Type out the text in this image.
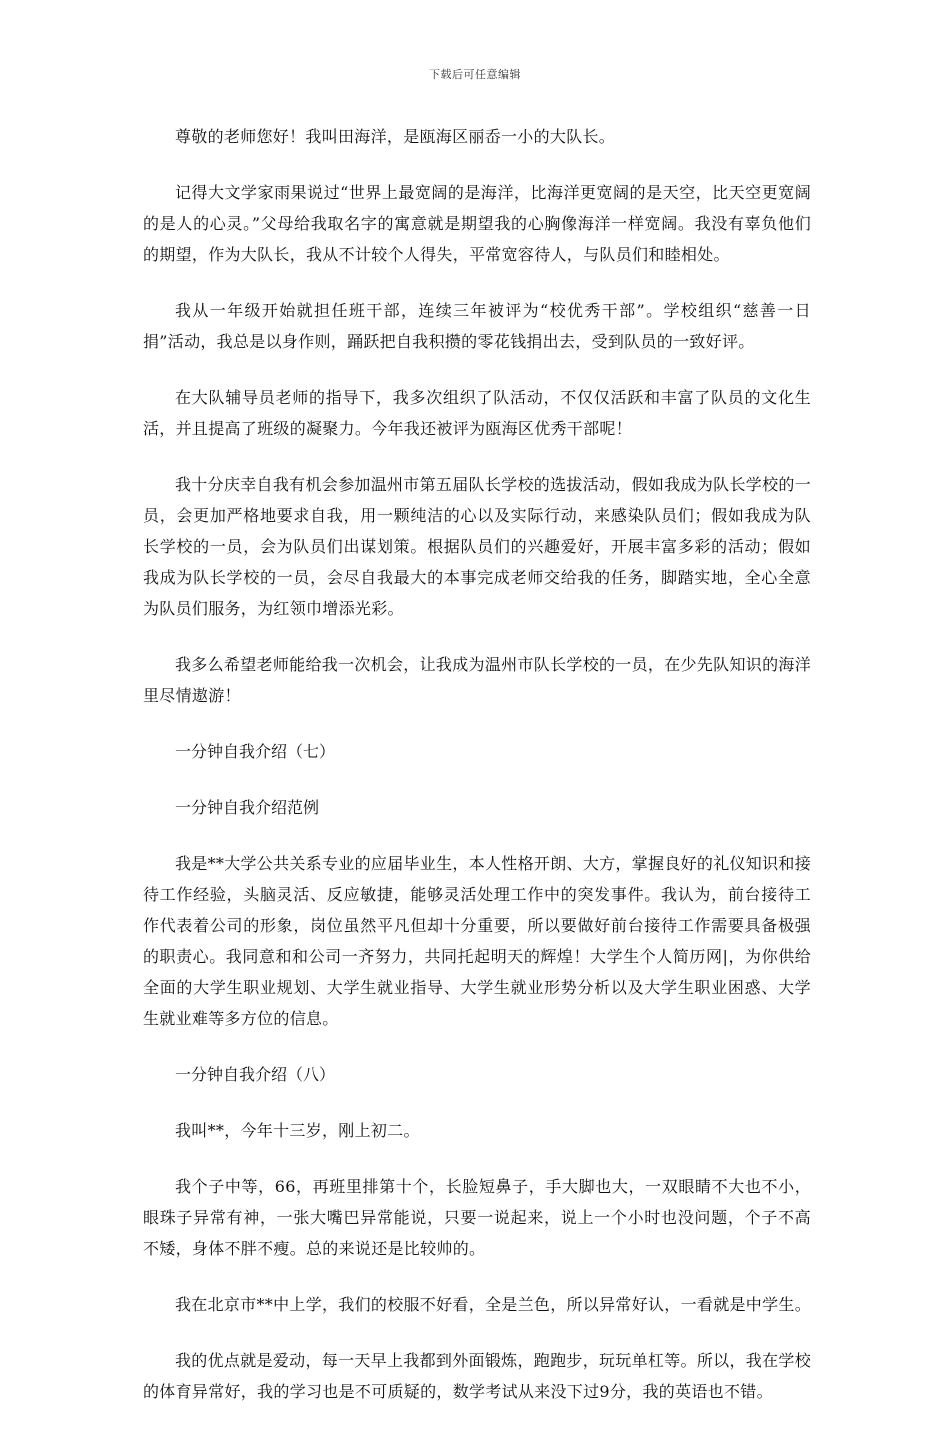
下载后可任意编辑

尊敬的老师您好！我叫田海洋，是瓯海区丽岙一小的大队长。

记得大文学家雨果说过“世界上最宽阔的是海洋，比海洋更宽阔的是天空，比天空更宽阔的是人的心灵。”父母给我取名字的寓意就是期望我的心胸像海洋一样宽阔。我没有辜负他们的期望，作为大队长，我从不计较个人得失，平常宽容待人，与队员们和睦相处。

我从一年级开始就担任班干部，连续三年被评为“校优秀干部”。学校组织“慈善一日捐”活动，我总是以身作则，踊跃把自我积攒的零花钱捐出去，受到队员的一致好评。

在大队辅导员老师的指导下，我多次组织了队活动，不仅仅活跃和丰富了队员的文化生活，并且提高了班级的凝聚力。今年我还被评为瓯海区优秀干部呢！

我十分庆幸自我有机会参加温州市第五届队长学校的选拔活动，假如我成为队长学校的一员，会更加严格地要求自我，用一颗纯洁的心以及实际行动，来感染队员们；假如我成为队长学校的一员，会为队员们出谋划策。根据队员们的兴趣爱好，开展丰富多彩的活动；假如我成为队长学校的一员，会尽自我最大的本事完成老师交给我的任务，脚踏实地，全心全意为队员们服务，为红领巾增添光彩。

我多么希望老师能给我一次机会，让我成为温州市队长学校的一员，在少先队知识的海洋里尽情遨游！

一分钟自我介绍（七）

一分钟自我介绍范例

我是**大学公共关系专业的应届毕业生，本人性格开朗、大方，掌握良好的礼仪知识和接待工作经验，头脑灵活、反应敏捷，能够灵活处理工作中的突发事件。我认为，前台接待工作代表着公司的形象，岗位虽然平凡但却十分重要，所以要做好前台接待工作需要具备极强的职责心。我同意和和公司一齐努力，共同托起明天的辉煌！大学生个人简历网|，为你供给全面的大学生职业规划、大学生就业指导、大学生就业形势分析以及大学生职业困惑、大学生就业难等多方位的信息。

一分钟自我介绍（八）

我叫**，今年十三岁，刚上初二。

我个子中等，66，再班里排第十个，长脸短鼻子，手大脚也大，一双眼睛不大也不小，眼珠子异常有神，一张大嘴巴异常能说，只要一说起来，说上一个小时也没问题，个子不高不矮，身体不胖不瘦。总的来说还是比较帅的。

我在北京市**中上学，我们的校服不好看，全是兰色，所以异常好认，一看就是中学生。

我的优点就是爱动，每一天早上我都到外面锻炼，跑跑步，玩玩单杠等。所以，我在学校的体育异常好，我的学习也是不可质疑的，数学考试从来没下过9分，我的英语也不错。
